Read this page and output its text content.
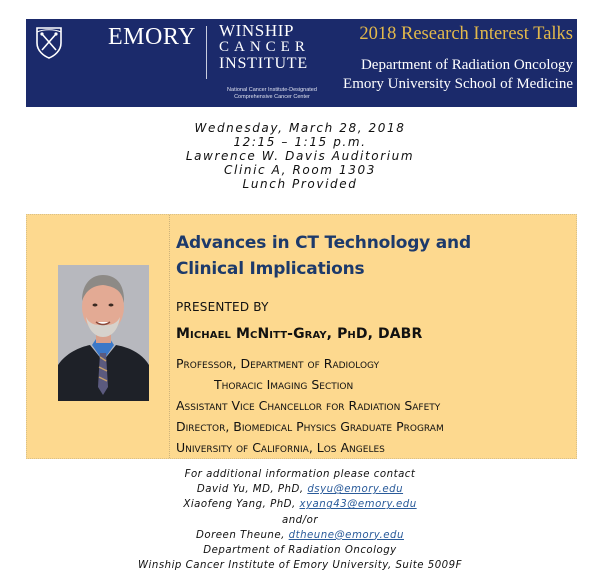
EMORY WINSHIP
CANCER
INSTITUTE
National Cancer Institute-Designated
Comprehensive Cancer Center
2018 Research Interest Talks
Department of Radiation Oncology
Emory University School of Medicine
Wednesday, March 28, 2018
12:15 – 1:15 p.m.
Lawrence W. Davis Auditorium
Clinic A, Room 1303
Lunch Provided
Advances in CT Technology and
Clinical Implications
PRESENTED BY
Michael McNitt-Gray, PhD, DABR
Professor, Department of Radiology
Thoracic Imaging Section
Assistant Vice Chancellor for Radiation Safety
Director, Biomedical Physics Graduate Program
University of California, Los Angeles
For additional information please contact
David Yu, MD, PhD, dsyu@emory.edu
Xiaofeng Yang, PhD, xyang43@emory.edu
and/or
Doreen Theune, dtheune@emory.edu
Department of Radiation Oncology
Winship Cancer Institute of Emory University, Suite 5009F
